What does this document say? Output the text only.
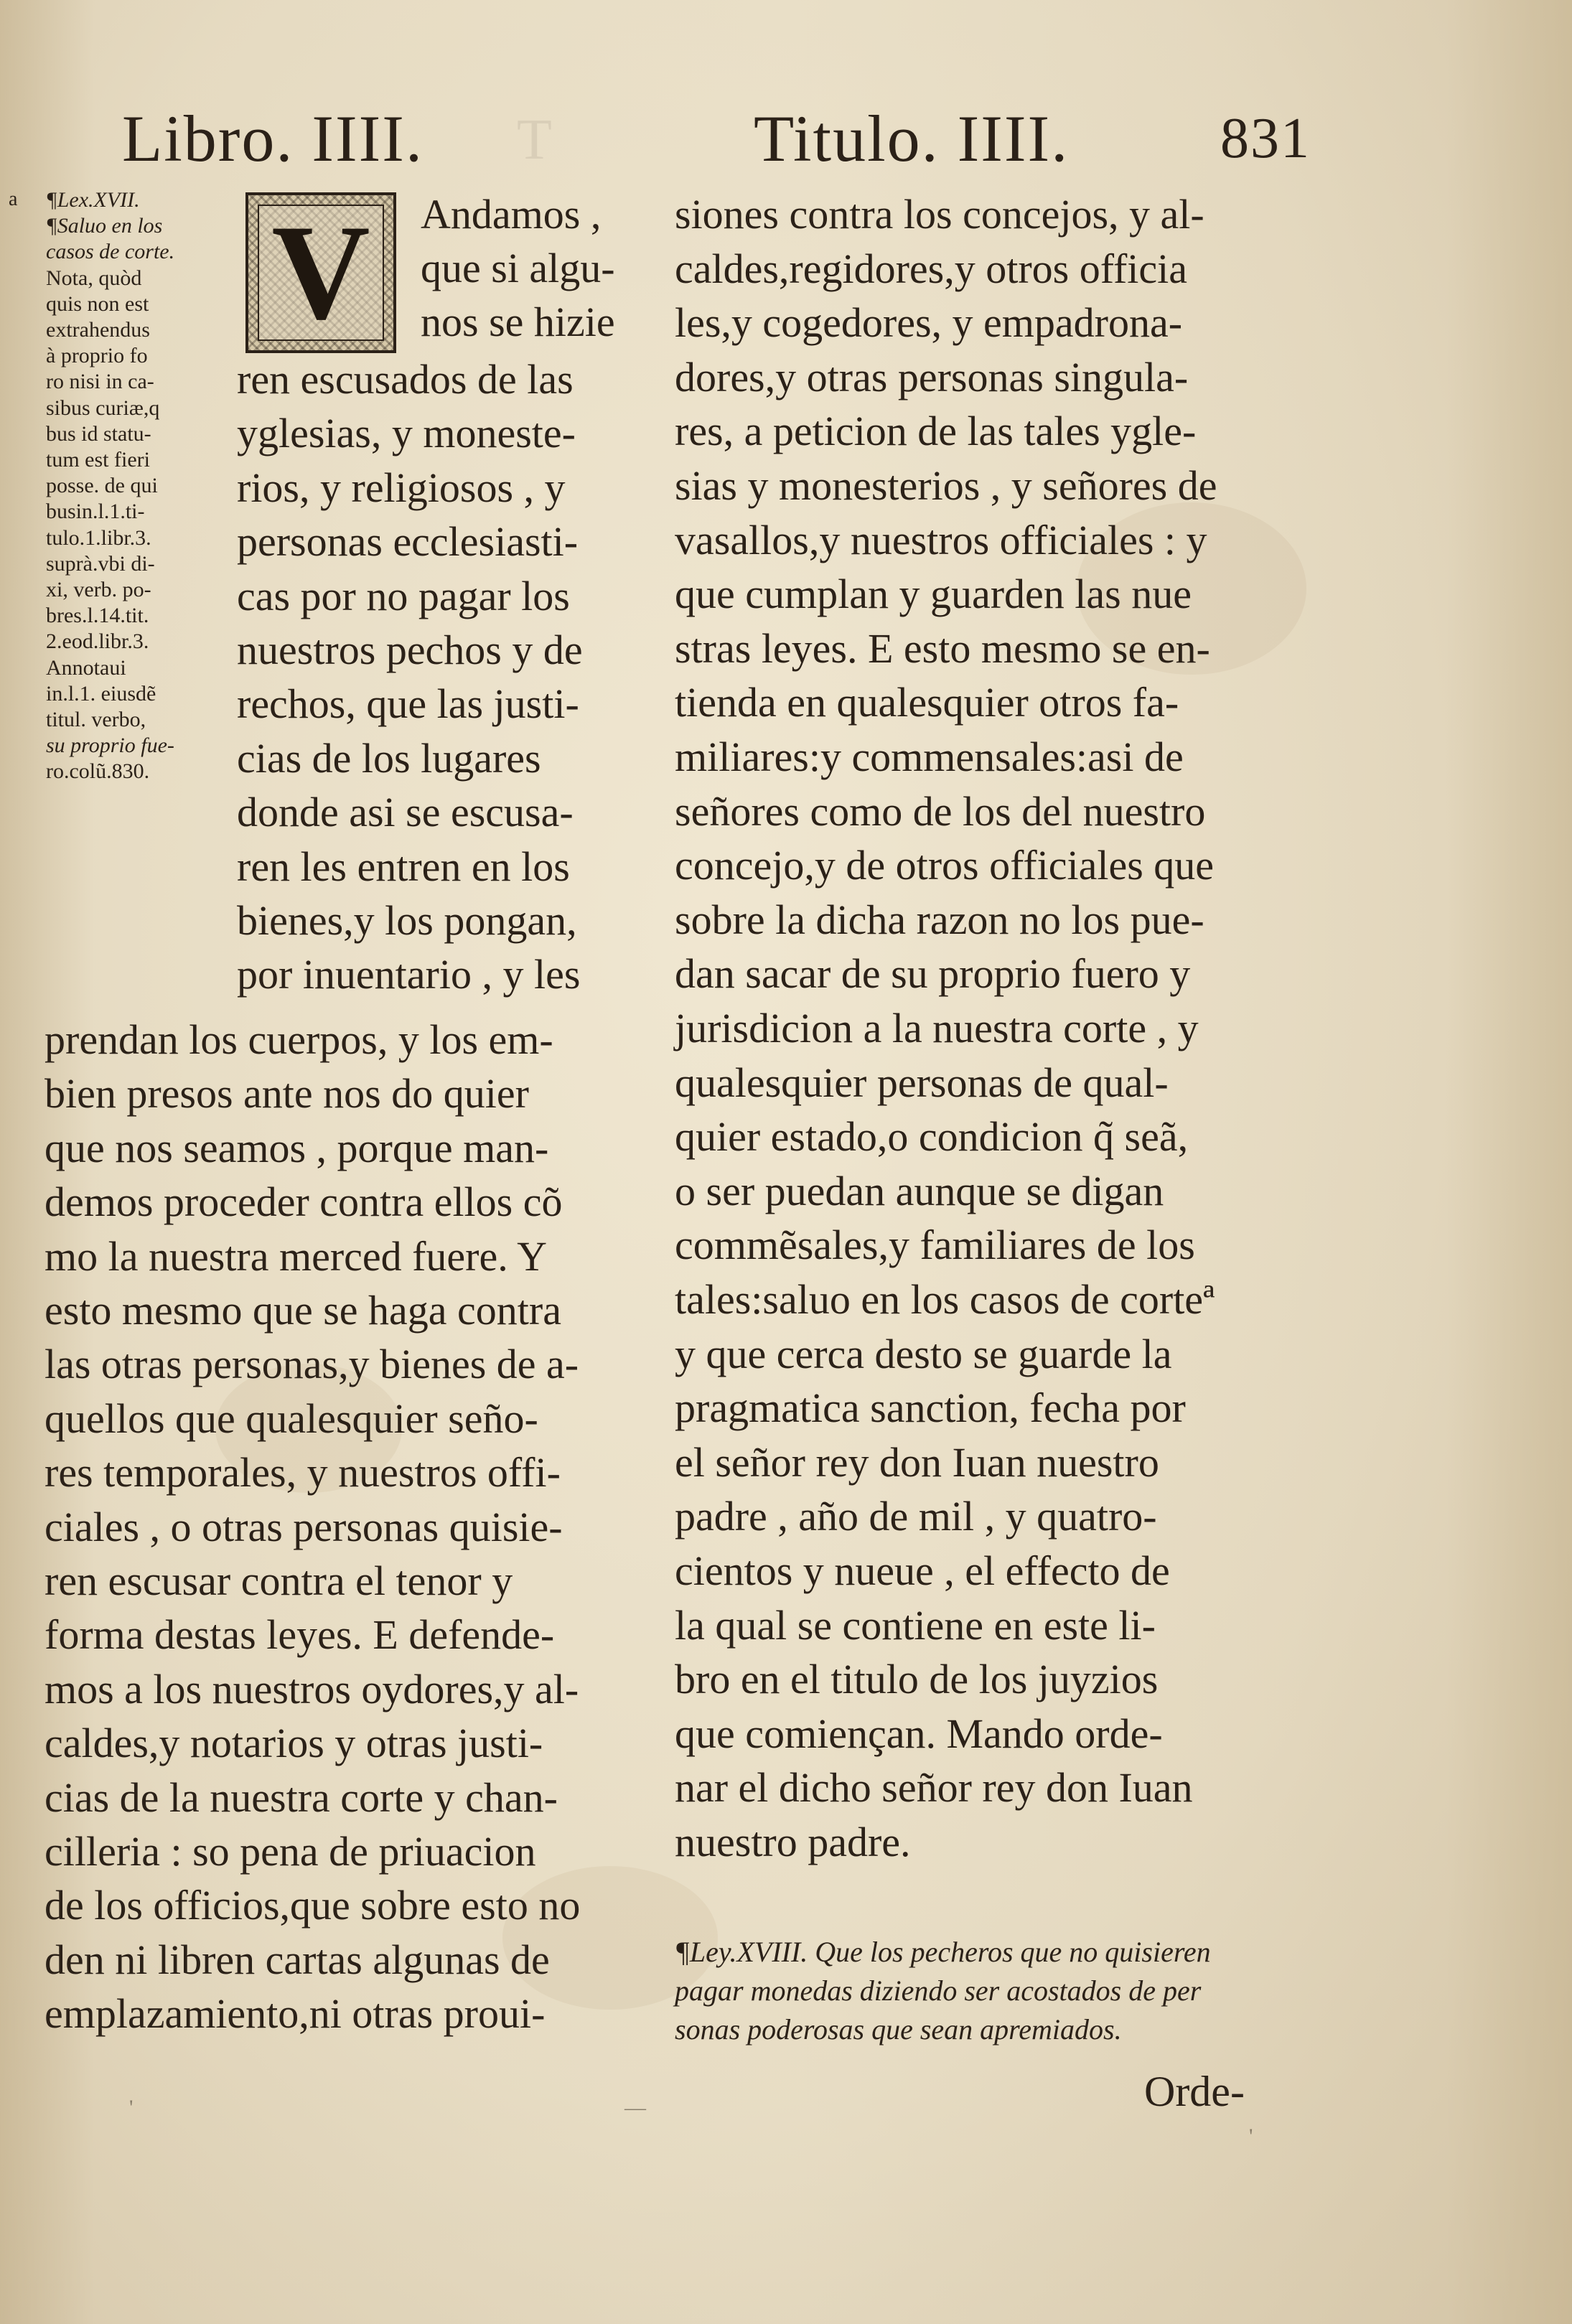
T
Libro. IIII.	Titulo. IIII.	831
a ¶Lex.XVII.
¶Saluo en los
casos de corte.
Nota, quòd
quis non est
extrahendus
à proprio fo
ro nisi in ca-
sibus curiæ,q
bus id statu-
tum est fieri
posse. de qui
busin.l.1.ti-
tulo.1.libr.3.
suprà.vbi di-
xi, verb. po-
bres.l.14.tit.
2.eod.libr.3.
Annotaui
in.l.1. eiusdẽ
titul. verbo,
su proprio fue-
ro.colũ.830.
V Andamos ,
que si algu-
nos se hizie
ren escusados de las
yglesias, y moneste-
rios, y religiosos , y
personas ecclesiasti-
cas por no pagar los
nuestros pechos y de
rechos, que las justi-
cias de los lugares
donde asi se escusa-
ren les entren en los
bienes,y los pongan,
por inuentario , y les
prendan los cuerpos, y los em-
bien presos ante nos do quier
que nos seamos , porque man-
demos proceder contra ellos cõ
mo la nuestra merced fuere. Y
esto mesmo que se haga contra
las otras personas,y bienes de a-
quellos que qualesquier seño-
res temporales, y nuestros offi-
ciales , o otras personas quisie-
ren escusar contra el tenor y
forma destas leyes. E defende-
mos a los nuestros oydores,y al-
caldes,y notarios y otras justi-
cias de la nuestra corte y chan-
cilleria : so pena de priuacion
de los officios,que sobre esto no
den ni libren cartas algunas de
emplazamiento,ni otras proui-
siones contra los concejos, y al-
caldes,regidores,y otros officia
les,y cogedores, y empadrona-
dores,y otras personas singula-
res, a peticion de las tales ygle-
sias y monesterios , y señores de
vasallos,y nuestros officiales : y
que cumplan y guarden las nue
stras leyes. E esto mesmo se en-
tienda en qualesquier otros fa-
miliares:y commensales:asi de
señores como de los del nuestro
concejo,y de otros officiales que
sobre la dicha razon no los pue-
dan sacar de su proprio fuero y
jurisdicion a la nuestra corte , y
qualesquier personas de qual-
quier estado,o condicion q̃ seã,
o ser puedan aunque se digan
commẽsales,y familiares de los
tales:saluo en los casos de corteª
y que cerca desto se guarde la
pragmatica sanction, fecha por
el señor rey don Iuan nuestro
padre , año de mil , y quatro-
cientos y nueue , el effecto de
la qual se contiene en este li-
bro en el titulo de los juyzios
que comiençan. Mando orde-
nar el dicho señor rey don Iuan
nuestro padre.
¶Ley.XVIII. Que los pecheros que no quisieren
pagar monedas diziendo ser acostados de per
sonas poderosas que sean apremiados.
Orde-
'	—
'
